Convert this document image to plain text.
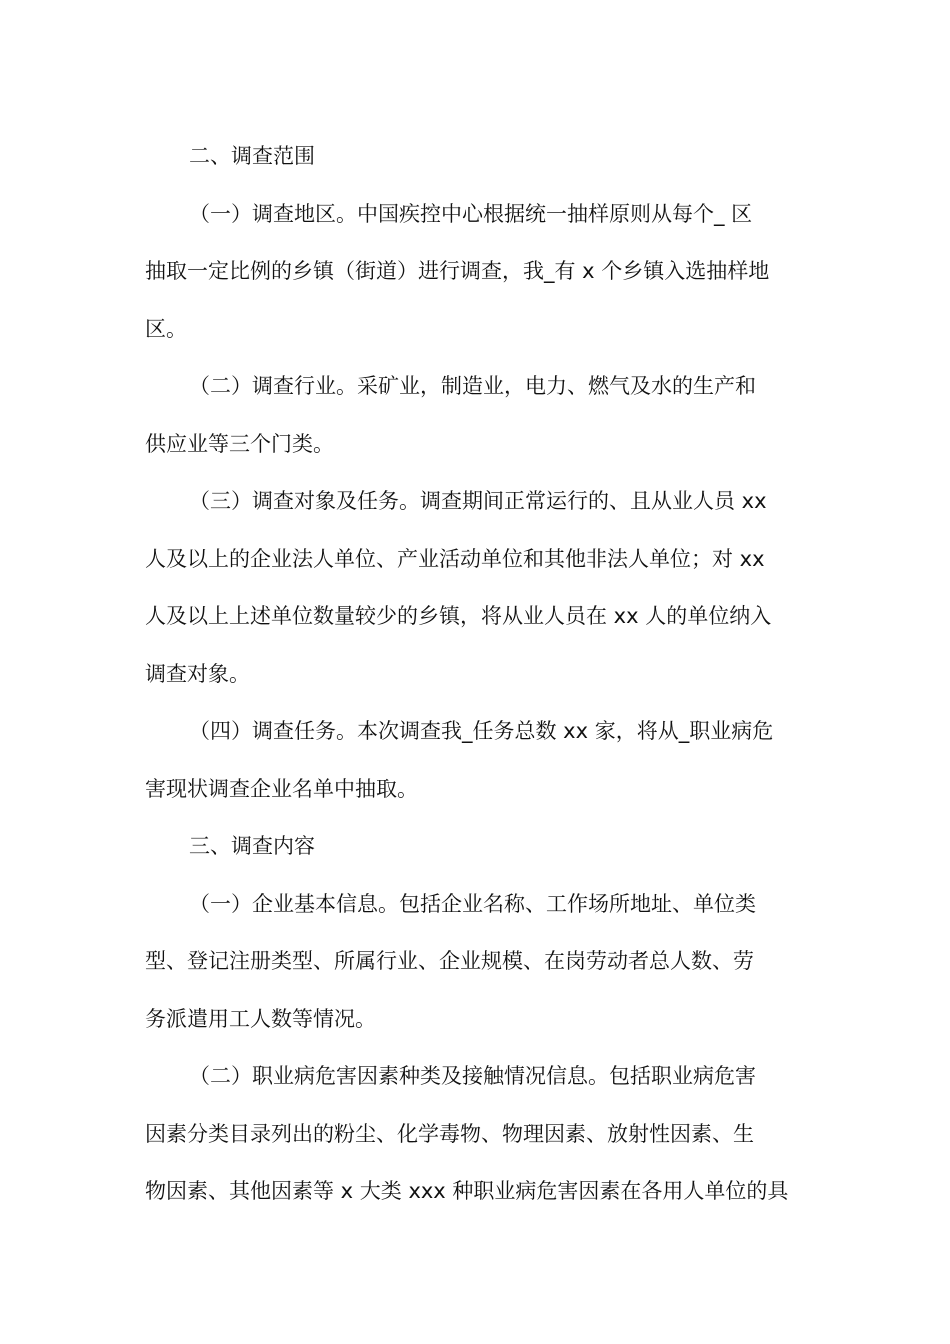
二、调查范围
（一）调查地区。中国疾控中心根据统一抽样原则从每个_ 区
抽取一定比例的乡镇（街道）进行调查，我_有 x 个乡镇入选抽样地
区。
（二）调查行业。采矿业，制造业，电力、燃气及水的生产和
供应业等三个门类。
（三）调查对象及任务。调查期间正常运行的、且从业人员 xx
人及以上的企业法人单位、产业活动单位和其他非法人单位；对 xx
人及以上上述单位数量较少的乡镇，将从业人员在 xx 人的单位纳入
调查对象。
（四）调查任务。本次调查我_任务总数 xx 家，将从_职业病危
害现状调查企业名单中抽取。
三、调查内容
（一）企业基本信息。包括企业名称、工作场所地址、单位类
型、登记注册类型、所属行业、企业规模、在岗劳动者总人数、劳
务派遣用工人数等情况。
（二）职业病危害因素种类及接触情况信息。包括职业病危害
因素分类目录列出的粉尘、化学毒物、物理因素、放射性因素、生
物因素、其他因素等 x 大类 xxx 种职业病危害因素在各用人单位的具
